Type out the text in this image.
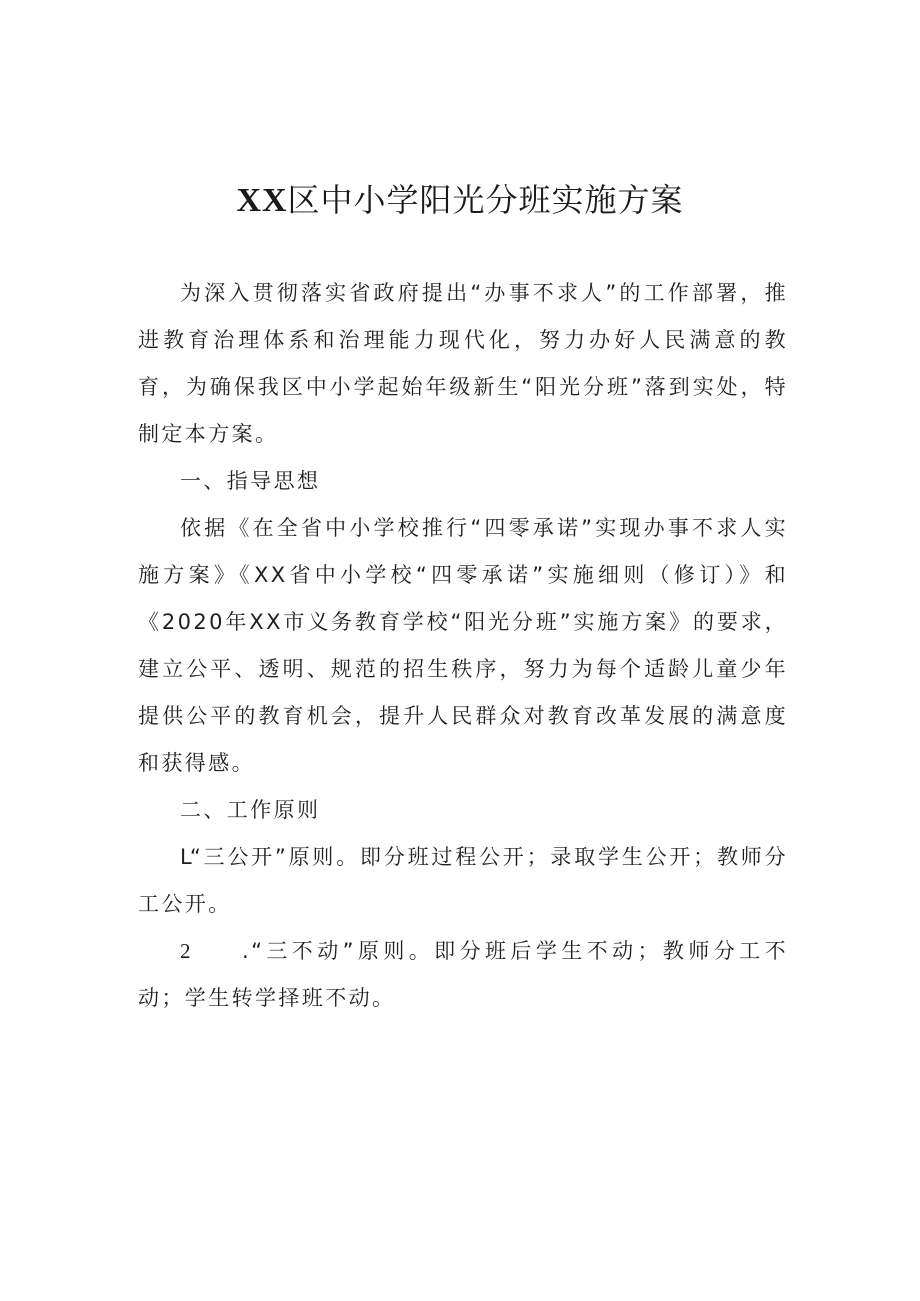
XX区中小学阳光分班实施方案

为深入贯彻落实省政府提出“办事不求人”的工作部署，推进教育治理体系和治理能力现代化，努力办好人民满意的教育，为确保我区中小学起始年级新生“阳光分班”落到实处，特制定本方案。

一、指导思想

依据《在全省中小学校推行“四零承诺”实现办事不求人实施方案》《XX省中小学校“四零承诺”实施细则（修订）》和《2020年XX市义务教育学校“阳光分班”实施方案》的要求，建立公平、透明、规范的招生秩序，努力为每个适龄儿童少年提供公平的教育机会，提升人民群众对教育改革发展的满意度和获得感。

二、工作原则

L“三公开”原则。即分班过程公开；录取学生公开；教师分工公开。

2 .“三不动”原则。即分班后学生不动；教师分工不动；学生转学择班不动。
